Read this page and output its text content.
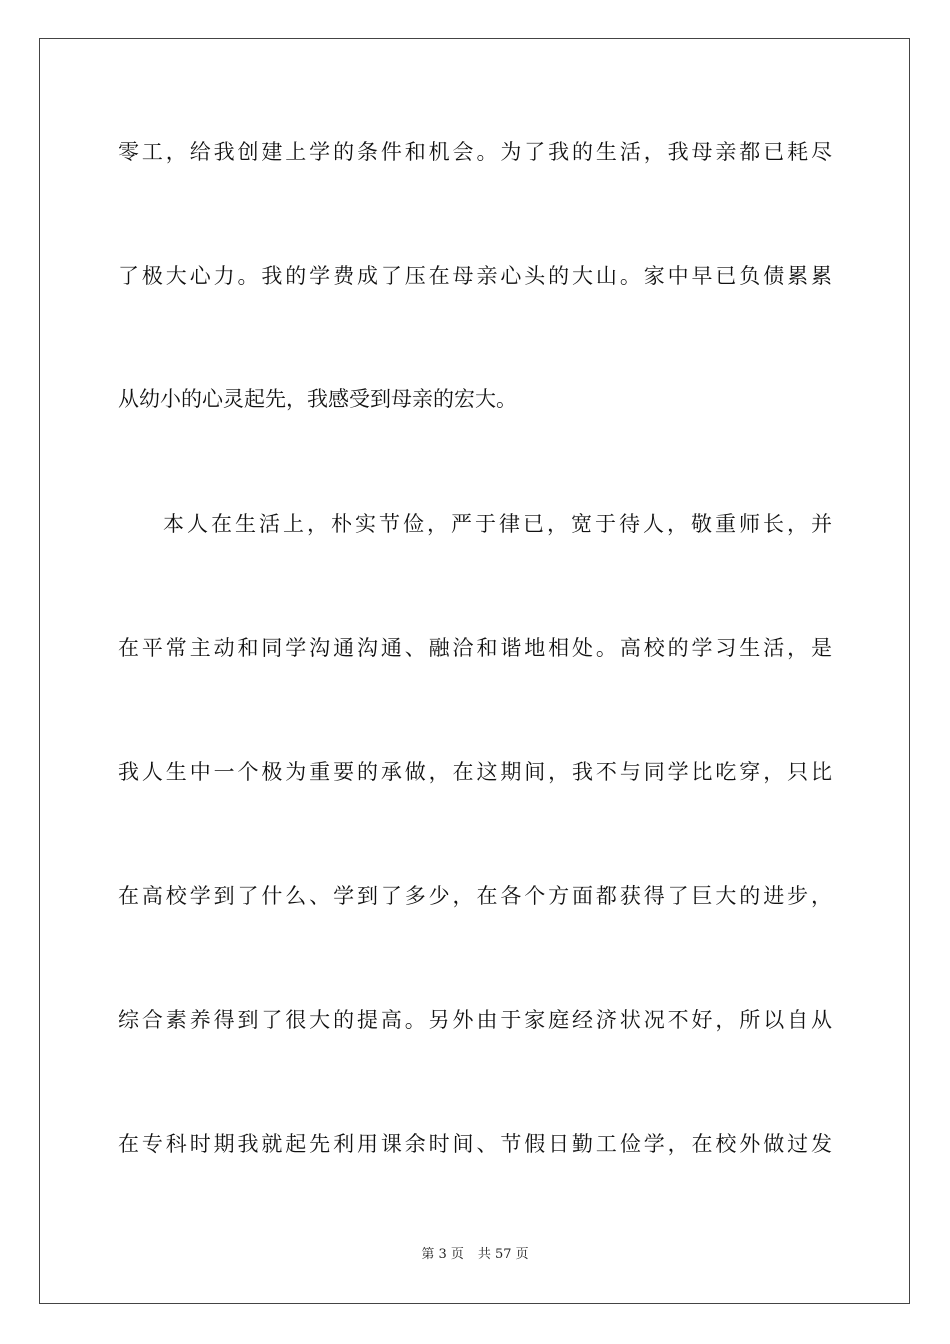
零工，给我创建上学的条件和机会。为了我的生活，我母亲都已耗尽
了极大心力。我的学费成了压在母亲心头的大山。家中早已负债累累
从幼小的心灵起先，我感受到母亲的宏大。
本人在生活上，朴实节俭，严于律已，宽于待人，敬重师长，并
在平常主动和同学沟通沟通、融洽和谐地相处。高校的学习生活，是
我人生中一个极为重要的承做，在这期间，我不与同学比吃穿，只比
在高校学到了什么、学到了多少，在各个方面都获得了巨大的进步，
综合素养得到了很大的提高。另外由于家庭经济状况不好，所以自从
在专科时期我就起先利用课余时间、节假日勤工俭学，在校外做过发
第 3 页 共 57 页
